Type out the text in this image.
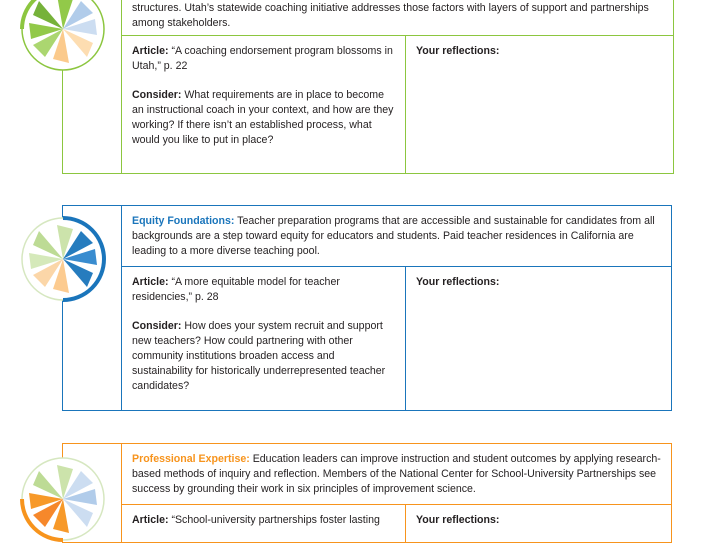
structures. Utah’s statewide coaching initiative addresses those factors with layers of support and partnerships among stakeholders.

Article: “A coaching endorsement program blossoms in Utah,” p. 22

Consider: What requirements are in place to become an instructional coach in your context, and how are they working? If there isn’t an established process, what would you like to put in place?

Your reflections:
Equity Foundations: Teacher preparation programs that are accessible and sustainable for candidates from all backgrounds are a step toward equity for educators and students. Paid teacher residences in California are leading to a more diverse teaching pool.

Article: “A more equitable model for teacher residencies,” p. 28

Consider: How does your system recruit and support new teachers? How could partnering with other community institutions broaden access and sustainability for historically underrepresented teacher candidates?

Your reflections:
Professional Expertise: Education leaders can improve instruction and student outcomes by applying research-based methods of inquiry and reflection. Members of the National Center for School-University Partnerships see success by grounding their work in six principles of improvement science.

Article: “School-university partnerships foster lasting	Your reflections:
